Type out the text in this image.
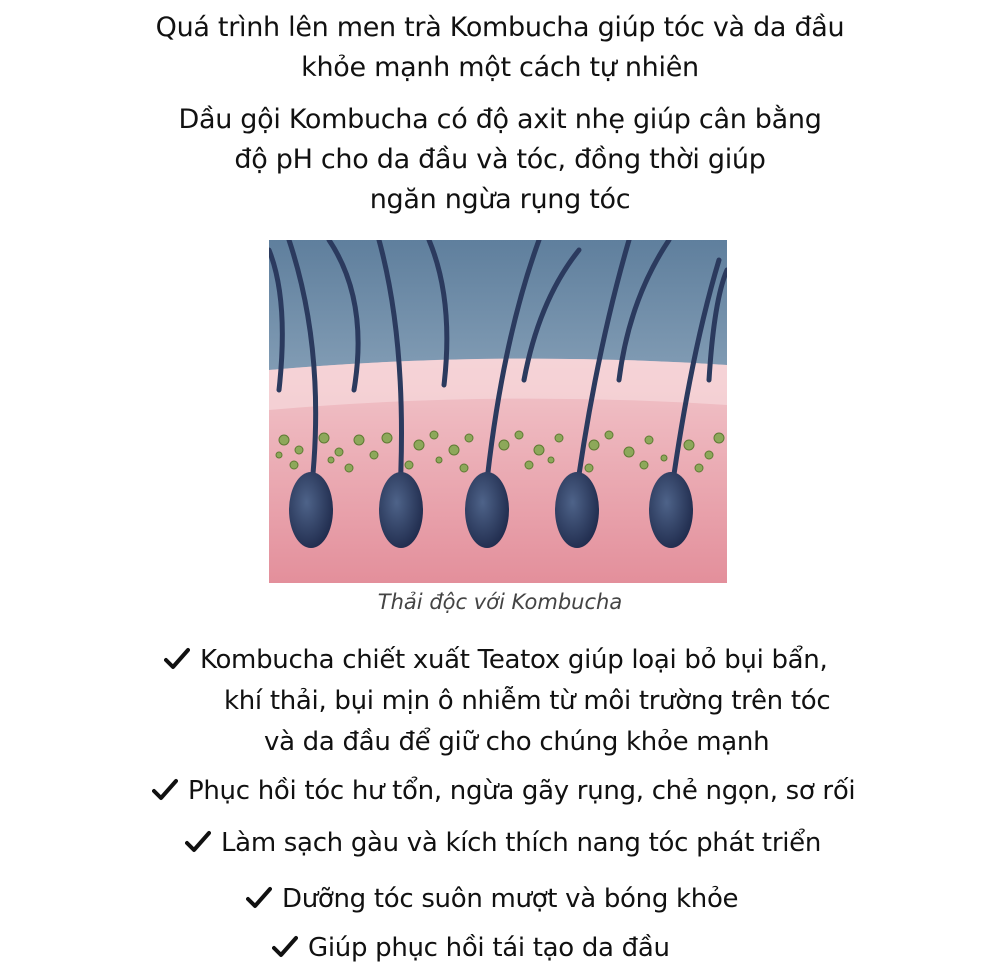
Quá trình lên men trà Kombucha giúp tóc và da đầu
khỏe mạnh một cách tự nhiên
Dầu gội Kombucha có độ axit nhẹ giúp cân bằng
độ pH cho da đầu và tóc, đồng thời giúp
ngăn ngừa rụng tóc
Thải độc với Kombucha
Kombucha chiết xuất Teatox giúp loại bỏ bụi bẩn,
khí thải, bụi mịn ô nhiễm từ môi trường trên tóc
và da đầu để giữ cho chúng khỏe mạnh
Phục hồi tóc hư tổn, ngừa gãy rụng, chẻ ngọn, sơ rối
Làm sạch gàu và kích thích nang tóc phát triển
Dưỡng tóc suôn mượt và bóng khỏe
Giúp phục hồi tái tạo da đầu
